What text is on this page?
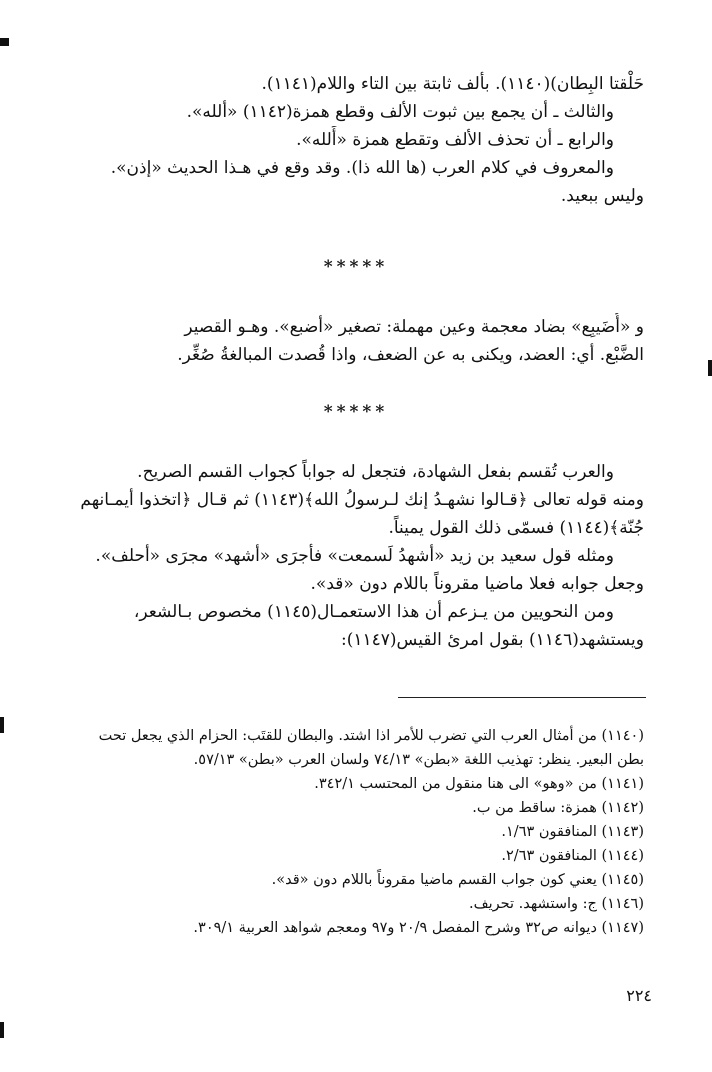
حَلْقتا البِطان)(١١٤٠). بألف ثابتة بين التاء واللام(١١٤١).
والثالث ـ أن يجمع بين ثبوت الألف وقطع همزة(١١٤٢) «ألله».
والرابع ـ أن تحذف الألف وتقطع همزة «أَلله».
والمعروف في كلام العرب (ها الله ذا). وقد وقع في هـذا الحديث «إذن».
وليس ببعيد.
*****
و «أُضَيبِع» بضاد معجمة وعين مهملة: تصغير «أضبع». وهـو القصير
الضَّبْع. أي: العضد، ويكنى به عن الضعف، واذا قُصدت المبالغةُ صُغِّر.
*****
والعرب تُقسم بفعل الشهادة، فتجعل له جواباً كجواب القسم الصريح.
ومنه قوله تعالى ﴿قـالوا نشهـدُ إنك لـرسولُ الله﴾(١١٤٣) ثم قـال ﴿اتخذوا أيمـانهم
جُنّة﴾(١١٤٤) فسمّى ذلك القول يميناً.
ومثله قول سعيد بن زيد «أشهدُ لَسمعت» فأجرَى «أشهد» مجرَى «أحلف».
وجعل جوابه فعلا ماضيا مقروناً باللام دون «قد».
ومن النحويين من يـزعم أن هذا الاستعمـال(١١٤٥) مخصوص بـالشعر،
ويستشهد(١١٤٦) بقول امرئ القيس(١١٤٧):
(١١٤٠) من أمثال العرب التي تضرب للأمر اذا اشتد. والبطان للقتَب: الحزام الذي يجعل تحت
بطن البعير. ينظر: تهذيب اللغة «بطن» ٧٤/١٣ ولسان العرب «بطن» ٥٧/١٣.
(١١٤١) من «وهو» الى هنا منقول من المحتسب ٣٤٢/١.
(١١٤٢) همزة: ساقط من ب.
(١١٤٣) المنافقون ١/٦٣.
(١١٤٤) المنافقون ٢/٦٣.
(١١٤٥) يعني كون جواب القسم ماضيا مقروناً باللام دون «قد».
(١١٤٦) ج: واستشهد. تحريف.
(١١٤٧) ديوانه ص٣٢ وشرح المفصل ٢٠/٩ و٩٧ ومعجم شواهد العربية ٣٠٩/١.
٢٢٤
